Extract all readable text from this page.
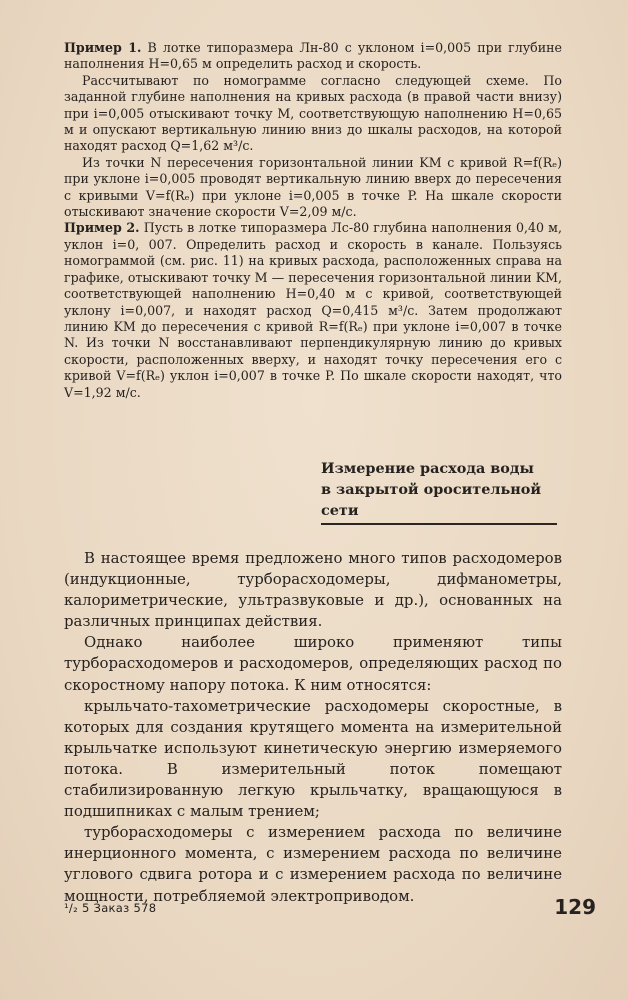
Пример 1. В лотке типоразмера Лн-80 с уклоном i=0,005 при глубине наполнения H=0,65 м определить расход и скорость.

Рассчитывают по номограмме согласно следующей схеме. По заданной глубине наполнения на кривых расхода (в правой части внизу) при i=0,005 отыскивают точку M, соответствующую наполнению H=0,65 м и опускают вертикальную линию вниз до шкалы расходов, на которой находят расход Q=1,62 м³/с.

Из точки N пересечения горизонтальной линии KM с кривой R=f(Rₑ) при уклоне i=0,005 проводят вертикальную линию вверх до пересечения с кривыми V=f(Rₑ) при уклоне i=0,005 в точке P. На шкале скорости отыскивают значение скорости V=2,09 м/с.

Пример 2. Пусть в лотке типоразмера Лс-80 глубина наполнения 0,40 м, уклон i=0, 007. Определить расход и скорость в канале. Пользуясь номограммой (см. рис. 11) на кривых расхода, расположенных справа на графике, отыскивают точку M — пересечения горизонтальной линии KM, соответствующей наполнению H=0,40 м с кривой, соответствующей уклону i=0,007, и находят расход Q=0,415 м³/с. Затем продолжают линию KM до пересечения с кривой R=f(Rₑ) при уклоне i=0,007 в точке N. Из точки N восстанавливают перпендикулярную линию до кривых скорости, расположенных вверху, и находят точку пересечения его с кривой V=f(Rₑ) уклон i=0,007 в точке P. По шкале скорости находят, что V=1,92 м/с.

Измерение расхода воды
в закрытой оросительной
сети

В настоящее время предложено много типов расходомеров (индукционные, турборасходомеры, дифманометры, калориметрические, ультразвуковые и др.), основанных на различных принципах действия.

Однако наиболее широко применяют типы турборасходомеров и расходомеров, определяющих расход по скоростному напору потока. К ним относятся:

крыльчато-тахометрические расходомеры скоростные, в которых для создания крутящего момента на измерительной крыльчатке используют кинетическую энергию измеряемого потока. В измерительный поток помещают стабилизированную легкую крыльчатку, вращающуюся в подшипниках с малым трением;

турборасходомеры с измерением расхода по величине инерционного момента, с измерением расхода по величине углового сдвига ротора и с измерением расхода по величине мощности, потребляемой электроприводом.

¹/₂ 5 Заказ 578	129
